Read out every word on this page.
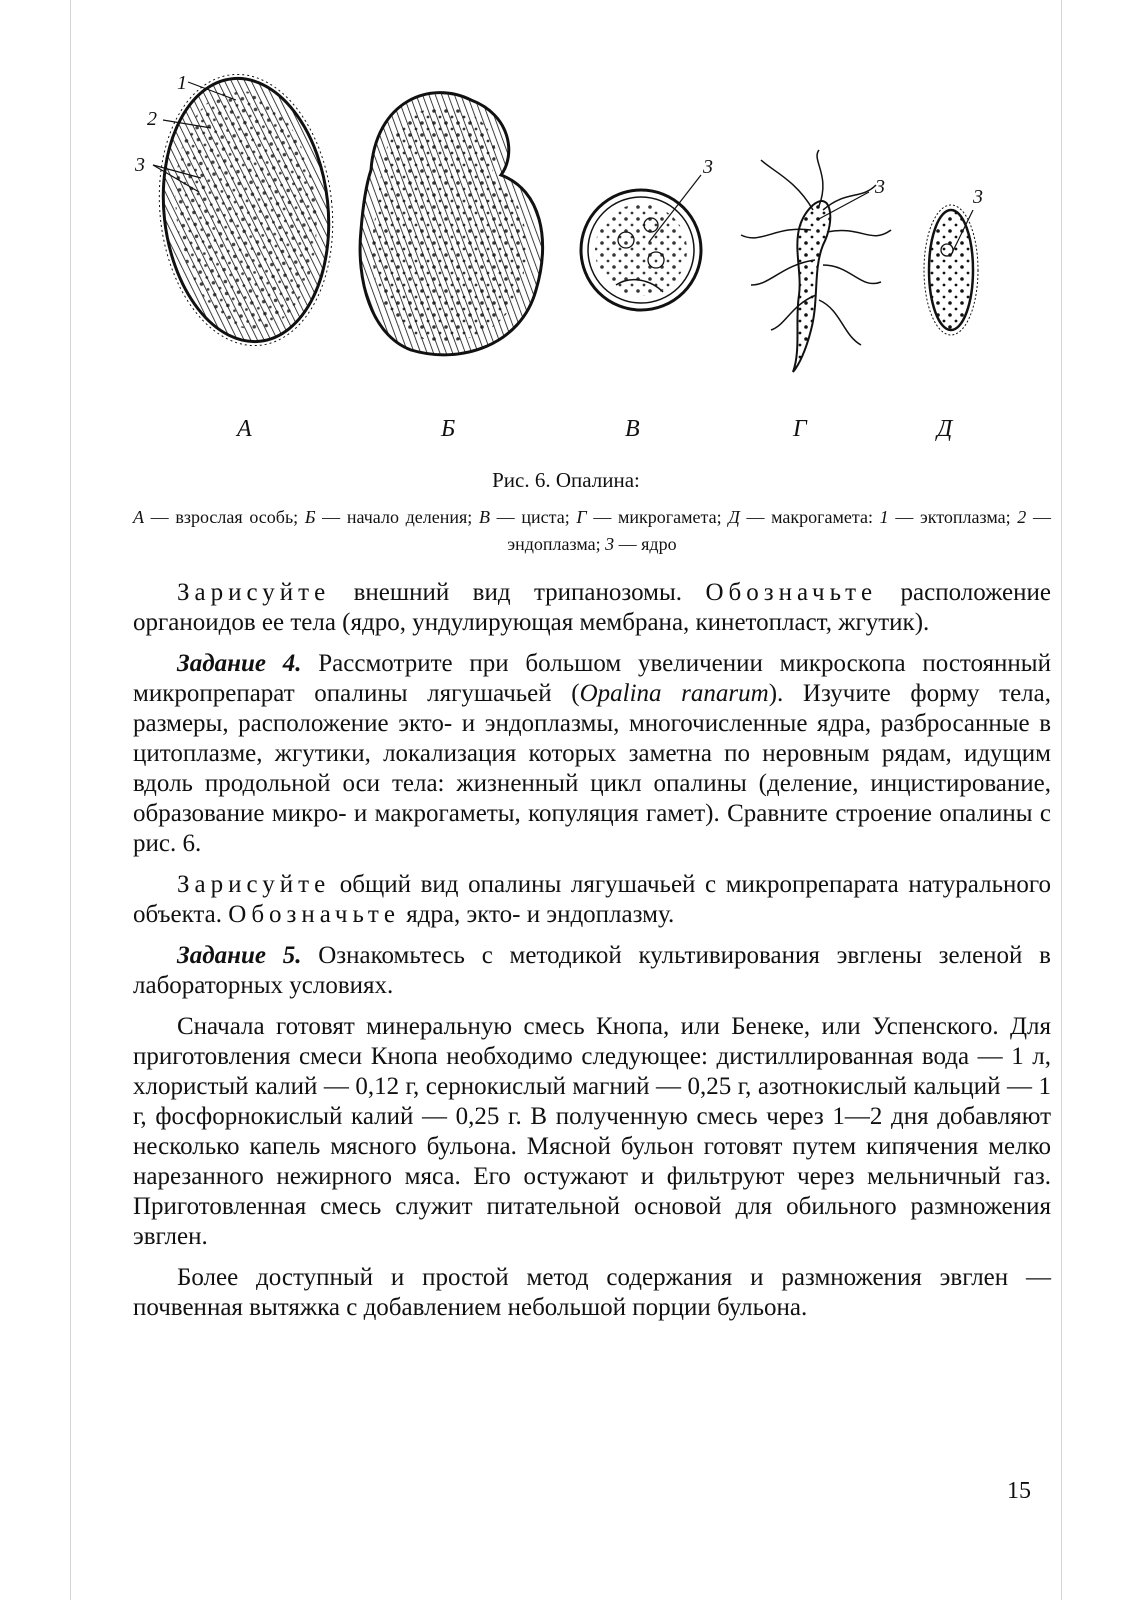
1
2
3	3
3	3
А	Б	В	Г	Д
Рис. 6. Опалина:
А — взрослая особь; Б — начало деления; В — циста; Г — микрогамета; Д — макрогамета: 1 — эктоплазма; 2 — эндоплазма; 3 — ядро

Зарисуйте внешний вид трипанозомы. Обозначьте расположение органоидов ее тела (ядро, ундулирующая мембрана, кинетопласт, жгутик).

Задание 4. Рассмотрите при большом увеличении микроскопа постоянный микропрепарат опалины лягушачьей (Opalina ranarum). Изучите форму тела, размеры, расположение экто- и эндоплазмы, многочисленные ядра, разбросанные в цитоплазме, жгутики, локализация которых заметна по неровным рядам, идущим вдоль продольной оси тела: жизненный цикл опалины (деление, инцистирование, образование микро- и макрогаметы, копуляция гамет). Сравните строение опалины с рис. 6.

Зарисуйте общий вид опалины лягушачьей с микропрепарата натурального объекта. Обозначьте ядра, экто- и эндоплазму.

Задание 5. Ознакомьтесь с методикой культивирования эвглены зеленой в лабораторных условиях.

Сначала готовят минеральную смесь Кнопа, или Бенеке, или Успенского. Для приготовления смеси Кнопа необходимо следующее: дистиллированная вода — 1 л, хлористый калий — 0,12 г, сернокислый магний — 0,25 г, азотнокислый кальций — 1 г, фосфорнокислый калий — 0,25 г. В полученную смесь через 1—2 дня добавляют несколько капель мясного бульона. Мясной бульон готовят путем кипячения мелко нарезанного нежирного мяса. Его остужают и фильтруют через мельничный газ. Приготовленная смесь служит питательной основой для обильного размножения эвглен.

Более доступный и простой метод содержания и размножения эвглен — почвенная вытяжка с добавлением небольшой порции бульона.

15
